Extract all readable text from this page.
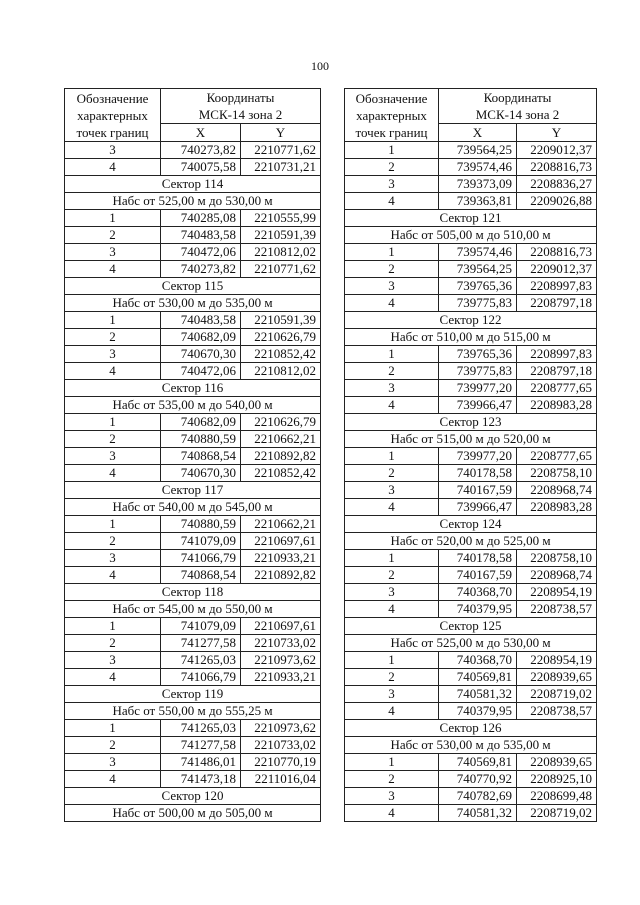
100
Обозначение характерных точек границ	Координаты
МСК-14 зона 2	

	X	Y
3	740273,82	2210771,62
4	740075,58	2210731,21
Сектор 114		
Набс от 525,00 м до 530,00 м		
1	740285,08	2210555,99
2	740483,58	2210591,39
3	740472,06	2210812,02
4	740273,82	2210771,62
Сектор 115		
Набс от 530,00 м до 535,00 м		
1	740483,58	2210591,39
2	740682,09	2210626,79
3	740670,30	2210852,42
4	740472,06	2210812,02
Сектор 116		
Набс от 535,00 м до 540,00 м		
1	740682,09	2210626,79
2	740880,59	2210662,21
3	740868,54	2210892,82
4	740670,30	2210852,42
Сектор 117		
Набс от 540,00 м до 545,00 м		
1	740880,59	2210662,21
2	741079,09	2210697,61
3	741066,79	2210933,21
4	740868,54	2210892,82
Сектор 118		
Набс от 545,00 м до 550,00 м		
1	741079,09	2210697,61
2	741277,58	2210733,02
3	741265,03	2210973,62
4	741066,79	2210933,21
Сектор 119		
Набс от 550,00 м до 555,25 м		
1	741265,03	2210973,62
2	741277,58	2210733,02
3	741486,01	2210770,19
4	741473,18	2211016,04
Сектор 120		
Набс от 500,00 м до 505,00 м		
Обозначение характерных точек границ	Координаты
МСК-14 зона 2	

	X	Y
1	739564,25	2209012,37
2	739574,46	2208816,73
3	739373,09	2208836,27
4	739363,81	2209026,88
Сектор 121		
Набс от 505,00 м до 510,00 м		
1	739574,46	2208816,73
2	739564,25	2209012,37
3	739765,36	2208997,83
4	739775,83	2208797,18
Сектор 122		
Набс от 510,00 м до 515,00 м		
1	739765,36	2208997,83
2	739775,83	2208797,18
3	739977,20	2208777,65
4	739966,47	2208983,28
Сектор 123		
Набс от 515,00 м до 520,00 м		
1	739977,20	2208777,65
2	740178,58	2208758,10
3	740167,59	2208968,74
4	739966,47	2208983,28
Сектор 124		
Набс от 520,00 м до 525,00 м		
1	740178,58	2208758,10
2	740167,59	2208968,74
3	740368,70	2208954,19
4	740379,95	2208738,57
Сектор 125		
Набс от 525,00 м до 530,00 м		
1	740368,70	2208954,19
2	740569,81	2208939,65
3	740581,32	2208719,02
4	740379,95	2208738,57
Сектор 126		
Набс от 530,00 м до 535,00 м		
1	740569,81	2208939,65
2	740770,92	2208925,10
3	740782,69	2208699,48
4	740581,32	2208719,02
